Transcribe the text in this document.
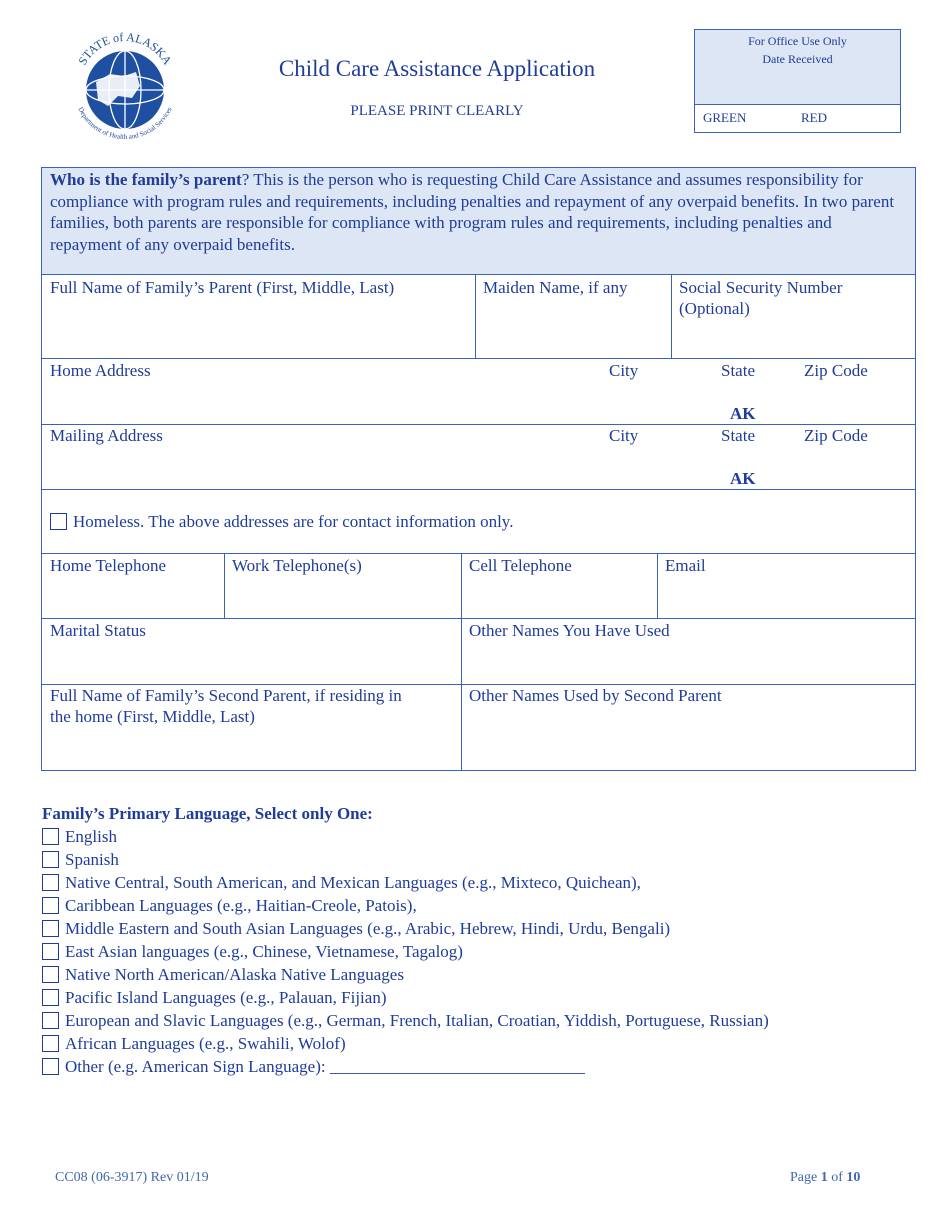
STATE of ALASKA
Department of Health and Social Services
Child Care Assistance Application
PLEASE PRINT CLEARLY
For Office Use Only
Date Received
GREEN	RED
Who is the family’s parent? This is the person who is requesting Child Care Assistance and assumes responsibility for compliance with program rules and requirements, including penalties and repayment of any overpaid benefits. In two parent families, both parents are responsible for compliance with program rules and requirements, including penalties and repayment of any overpaid benefits.
Full Name of Family’s Parent (First, Middle, Last)	Maiden Name, if any	Social Security Number
(Optional)
Home Address	City	State	Zip Code
AK
Mailing Address	City	State	Zip Code
AK
Homeless. The above addresses are for contact information only.
Home Telephone	Work Telephone(s)	Cell Telephone	Email
Marital Status	Other Names You Have Used
Full Name of Family’s Second Parent, if residing in
the home (First, Middle, Last)
Other Names Used by Second Parent
Family’s Primary Language, Select only One:
English
Spanish
Native Central, South American, and Mexican Languages (e.g., Mixteco, Quichean),
Caribbean Languages (e.g., Haitian-Creole, Patois),
Middle Eastern and South Asian Languages (e.g., Arabic, Hebrew, Hindi, Urdu, Bengali)
East Asian languages (e.g., Chinese, Vietnamese, Tagalog)
Native North American/Alaska Native Languages
Pacific Island Languages (e.g., Palauan, Fijian)
European and Slavic Languages (e.g., German, French, Italian, Croatian, Yiddish, Portuguese, Russian)
African Languages (e.g., Swahili, Wolof)
Other (e.g. American Sign Language): ______________________________
CC08 (06-3917) Rev 01/19	Page 1 of 10
